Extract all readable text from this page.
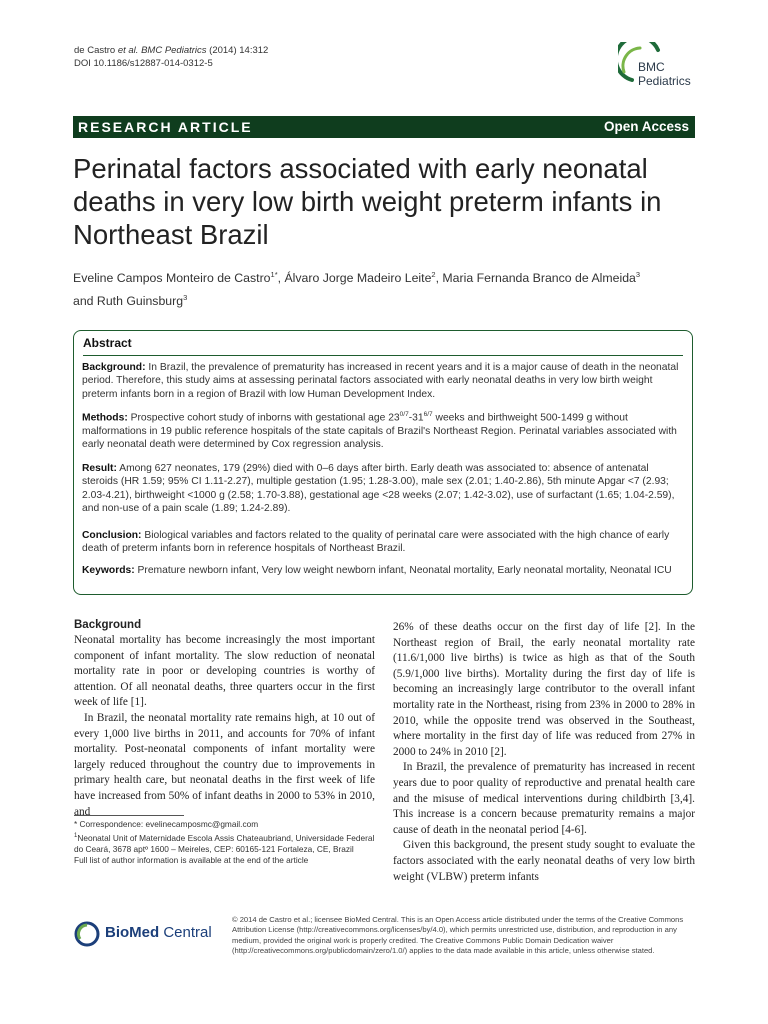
de Castro et al. BMC Pediatrics (2014) 14:312
DOI 10.1186/s12887-014-0312-5	BMC
Pediatrics
RESEARCH ARTICLE	Open Access
Perinatal factors associated with early neonatal deaths in very low birth weight preterm infants in Northeast Brazil
Eveline Campos Monteiro de Castro$^{1*}$, Álvaro Jorge Madeiro Leite$^2$, Maria Fernanda Branco de Almeida$^3$
and Ruth Guinsburg$^3$
Abstract

Background: In Brazil, the prevalence of prematurity has increased in recent years and it is a major cause of death in the neonatal period. Therefore, this study aims at assessing perinatal factors associated with early neonatal deaths in very low birth weight preterm infants born in a region of Brazil with low Human Development Index.

Methods: Prospective cohort study of inborns with gestational age $23^{0/7}-31^{6/7}$ weeks and birthweight 500-1499 g without malformations in 19 public reference hospitals of the state capitals of Brazil's Northeast Region. Perinatal variables associated with early neonatal death were determined by Cox regression analysis.

Result: Among 627 neonates, 179 (29%) died with 0–6 days after birth. Early death was associated to: absence of antenatal steroids (HR 1.59; 95% CI 1.11-2.27), multiple gestation (1.95; 1.28-3.00), male sex (2.01; 1.40-2.86), 5th minute Apgar <7 (2.93; 2.03-4.21), birthweight <1000 g (2.58; 1.70-3.88), gestational age <28 weeks (2.07; 1.42-3.02), use of surfactant (1.65; 1.04-2.59), and non-use of a pain scale (1.89; 1.24-2.89).

Conclusion: Biological variables and factors related to the quality of perinatal care were associated with the high chance of early death of preterm infants born in reference hospitals of Northeast Brazil.

Keywords: Premature newborn infant, Very low weight newborn infant, Neonatal mortality, Early neonatal mortality, Neonatal ICU

Background

Neonatal mortality has become increasingly the most important component of infant mortality. The slow reduction of neonatal mortality rate in poor or developing countries is worthy of attention. Of all neonatal deaths, three quarters occur in the first week of life [1].

In Brazil, the neonatal mortality rate remains high, at 10 out of every 1,000 live births in 2011, and accounts for 70% of infant mortality. Post-neonatal components of infant mortality were largely reduced throughout the country due to improvements in primary health care, but neonatal deaths in the first week of life have increased from 50% of infant deaths in 2000 to 53% in 2010, and

26% of these deaths occur on the first day of life [2]. In the Northeast region of Brail, the early neonatal mortality rate (11.6/1,000 live births) is twice as high as that of the South (5.9/1,000 live births). Mortality during the first day of life is becoming an increasingly large contributor to the overall infant mortality rate in the Northeast, rising from 23% in 2000 to 28% in 2010, while the opposite trend was observed in the Southeast, where mortality in the first day of life was reduced from 27% in 2000 to 24% in 2010 [2].

In Brazil, the prevalence of prematurity has increased in recent years due to poor quality of reproductive and prenatal health care and the misuse of medical interventions during childbirth [3,4]. This increase is a concern because prematurity remains a major cause of death in the neonatal period [4-6].

Given this background, the present study sought to evaluate the factors associated with the early neonatal deaths of very low birth weight (VLBW) preterm infants

* Correspondence: evelinecamposmc@gmail.com

$^1$Neonatal Unit of Maternidade Escola Assis Chateaubriand, Universidade Federal do Ceará, 3678 aptº 1600 – Meireles, CEP: 60165-121 Fortaleza, CE, Brazil

Full list of author information is available at the end of the article

BioMed Central
© 2014 de Castro et al.; licensee BioMed Central. This is an Open Access article distributed under the terms of the Creative Commons Attribution License (http://creativecommons.org/licenses/by/4.0), which permits unrestricted use, distribution, and reproduction in any medium, provided the original work is properly credited. The Creative Commons Public Domain Dedication waiver (http://creativecommons.org/publicdomain/zero/1.0/) applies to the data made available in this article, unless otherwise stated.
